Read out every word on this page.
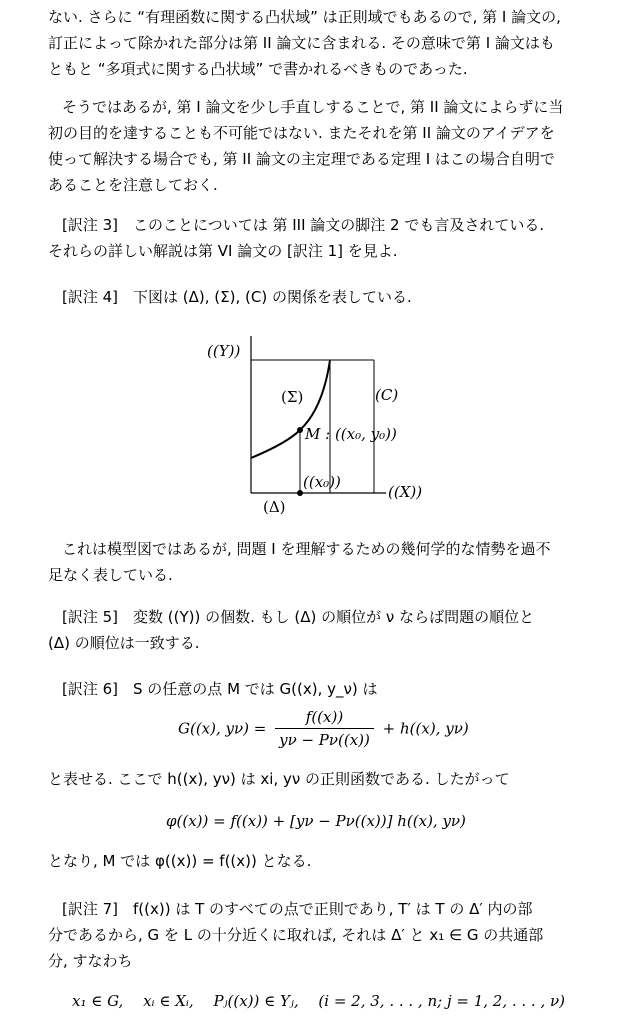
ない. さらに “有理函数に関する凸状域” は正則域でもあるので, 第 I 論文の,
訂正によって除かれた部分は第 II 論文に含まれる. その意味で第 I 論文はも
ともと “多項式に関する凸状域” で書かれるべきものであった.
そうではあるが, 第 I 論文を少し手直しすることで, 第 II 論文によらずに当
初の目的を達することも不可能ではない. またそれを第 II 論文のアイデアを
使って解決する場合でも, 第 II 論文の主定理である定理 I はこの場合自明で
あることを注意しておく.
[訳注 3]　このことについては 第 III 論文の脚注 2 でも言及されている.
それらの詳しい解説は第 VI 論文の [訳注 1] を見よ.
[訳注 4]　下図は (Δ), (Σ), (C) の関係を表している.
((Y))
(Σ)	(C)
M : ((x₀, y₀))
((x₀))
((X))
(Δ)
これは模型図ではあるが, 問題 I を理解するための幾何学的な情勢を過不
足なく表している.
[訳注 5]　変数 ((Y)) の個数. もし (Δ) の順位が ν ならば問題の順位と
(Δ) の順位は一致する.
[訳注 6]　S の任意の点 M では G((x), y_ν) は
G((x), $y\nu) = \frac{f((x))}{y\nu - P\nu((x))} + h((x)$, yν)
と表せる. ここで h((x), yν) は xi, yν の正則函数である. したがって
φ((x)) = f((x)) + [yν − Pν((x))] h((x), yν)
となり, M では φ((x)) = f((x)) となる.
[訳注 7]　f((x)) は T のすべての点で正則であり, T′ は T の Δ′ 内の部
分であるから, G を L の十分近くに取れば, それは Δ′ と x₁ ∈ G の共通部
分, すなわち
x₁ ∈ G,　 xᵢ ∈ Xᵢ,　 Pⱼ((x)) ∈ Yⱼ,　 (i = 2, 3, . . . , n; j = 1, 2, . . . , ν)
